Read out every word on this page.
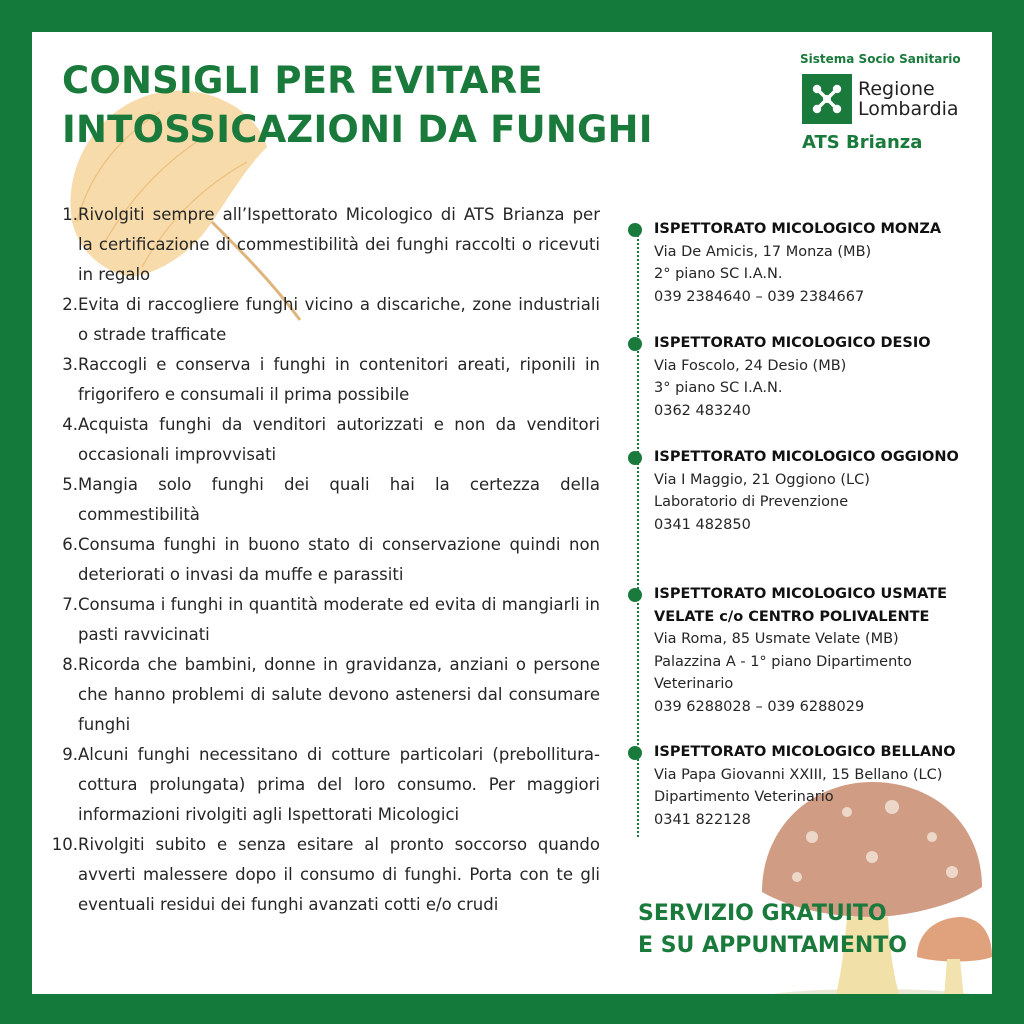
CONSIGLI PER EVITARE
INTOSSICAZIONI DA FUNGHI
Sistema Socio Sanitario
Regione
Lombardia
ATS Brianza
1. Rivolgiti sempre all’Ispettorato Micologico di ATS Brianza per la certificazione di commestibilità dei funghi raccolti o ricevuti in regalo
2. Evita di raccogliere funghi vicino a discariche, zone industriali o strade trafficate
3. Raccogli e conserva i funghi in contenitori areati, riponili in frigorifero e consumali il prima possibile
4. Acquista funghi da venditori autorizzati e non da venditori occasionali improvvisati
5. Mangia solo funghi dei quali hai la certezza della commestibilità
6. Consuma funghi in buono stato di conservazione quindi non deteriorati o invasi da muffe e parassiti
7. Consuma i funghi in quantità moderate ed evita di mangiarli in pasti ravvicinati
8. Ricorda che bambini, donne in gravidanza, anziani o persone che hanno problemi di salute devono astenersi dal consumare funghi
9. Alcuni funghi necessitano di cotture particolari (prebollitura-cottura prolungata) prima del loro consumo. Per maggiori informazioni rivolgiti agli Ispettorati Micologici
10. Rivolgiti subito e senza esitare al pronto soccorso quando avverti malessere dopo il consumo di funghi. Porta con te gli eventuali residui dei funghi avanzati cotti e/o crudi	SERVIZIO GRATUITO
E SU APPUNTAMENTO
ISPETTORATO MICOLOGICO MONZA
Via De Amicis, 17 Monza (MB)
2° piano SC I.A.N.
039 2384640 – 039 2384667
ISPETTORATO MICOLOGICO DESIO
Via Foscolo, 24 Desio (MB)
3° piano SC I.A.N.
0362 483240
ISPETTORATO MICOLOGICO OGGIONO
Via I Maggio, 21 Oggiono (LC)
Laboratorio di Prevenzione
0341 482850
ISPETTORATO MICOLOGICO USMATE VELATE c/o CENTRO POLIVALENTE
Via Roma, 85 Usmate Velate (MB)
Palazzina A - 1° piano Dipartimento Veterinario
039 6288028 – 039 6288029
ISPETTORATO MICOLOGICO BELLANO
Via Papa Giovanni XXIII, 15 Bellano (LC)
Dipartimento Veterinario
0341 822128
